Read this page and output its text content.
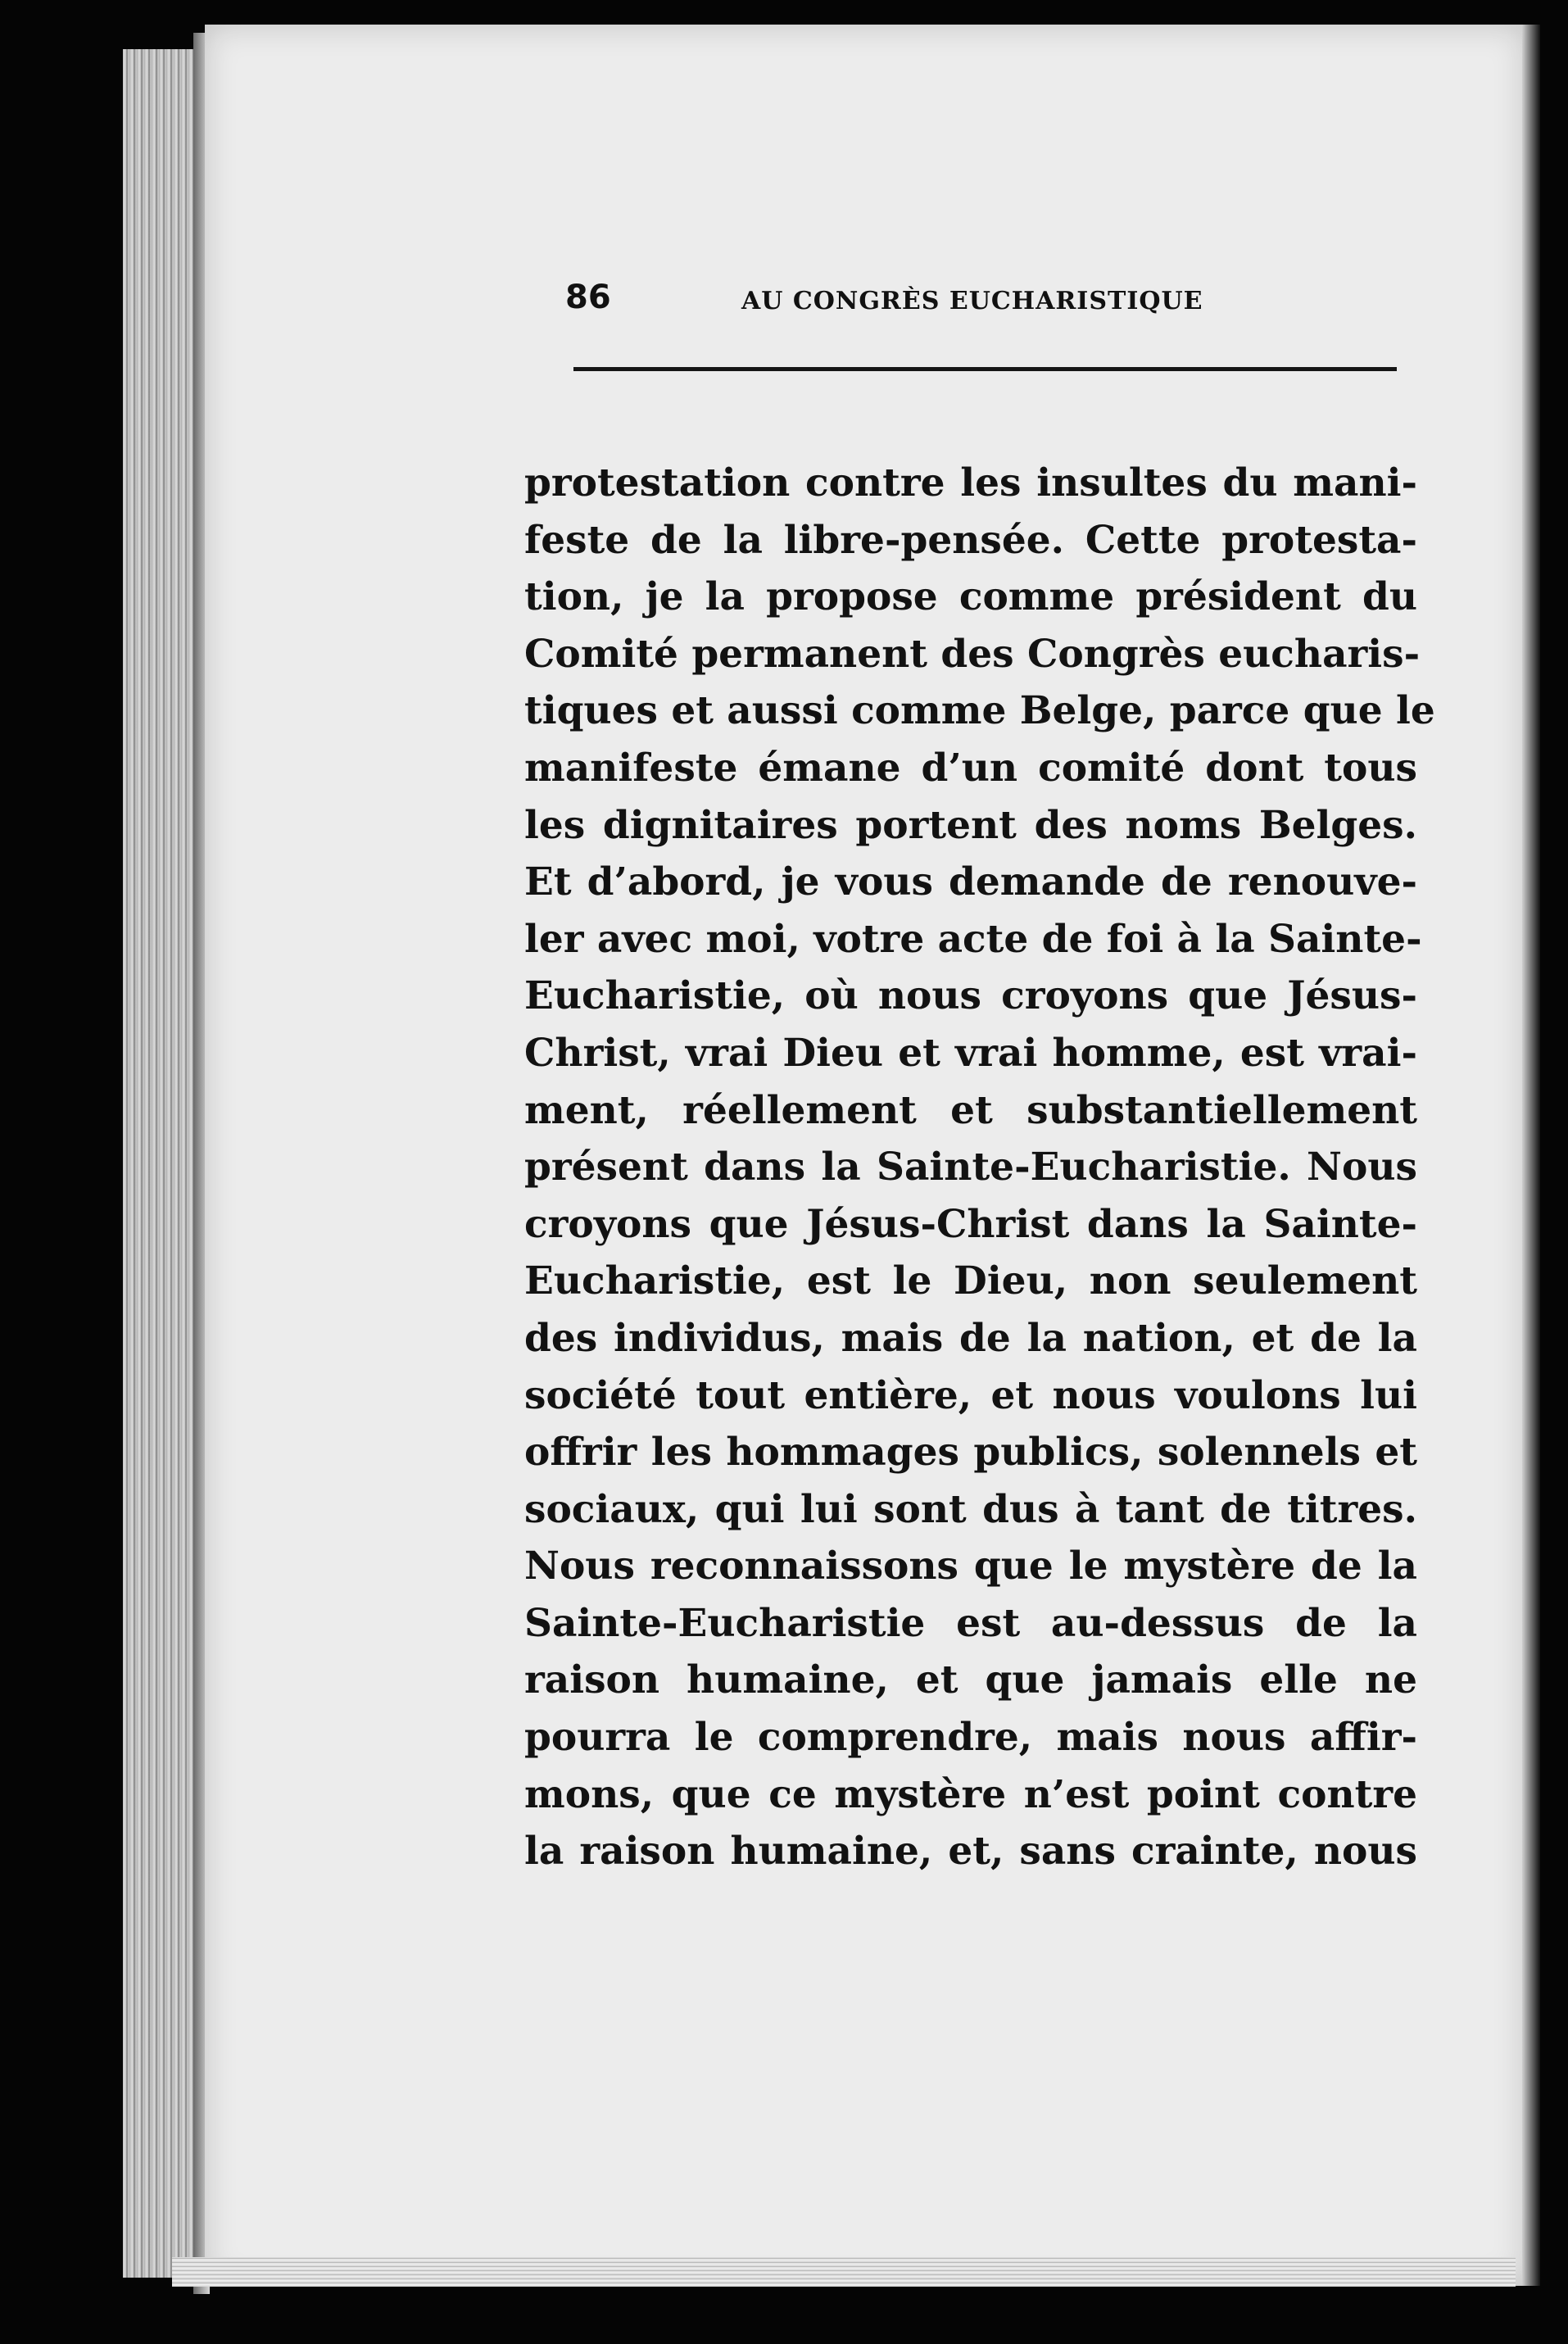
86	AU CONGRÈS EUCHARISTIQUE
protestation contre les insultes du mani-
feste de la libre-pensée. Cette protesta-
tion, je la propose comme président du
Comité permanent des Congrès eucharis-
tiques et aussi comme Belge, parce que le
manifeste émane d’un comité dont tous
les dignitaires portent des noms Belges.
Et d’abord, je vous demande de renouve-
ler avec moi, votre acte de foi à la Sainte-
Eucharistie, où nous croyons que Jésus-
Christ, vrai Dieu et vrai homme, est vrai-
ment, réellement et substantiellement
présent dans la Sainte-Eucharistie. Nous
croyons que Jésus-Christ dans la Sainte-
Eucharistie, est le Dieu, non seulement
des individus, mais de la nation, et de la
société tout entière, et nous voulons lui
offrir les hommages publics, solennels et
sociaux, qui lui sont dus à tant de titres.
Nous reconnaissons que le mystère de la
Sainte-Eucharistie est au-dessus de la
raison humaine, et que jamais elle ne
pourra le comprendre, mais nous affir-
mons, que ce mystère n’est point contre
la raison humaine, et, sans crainte, nous
